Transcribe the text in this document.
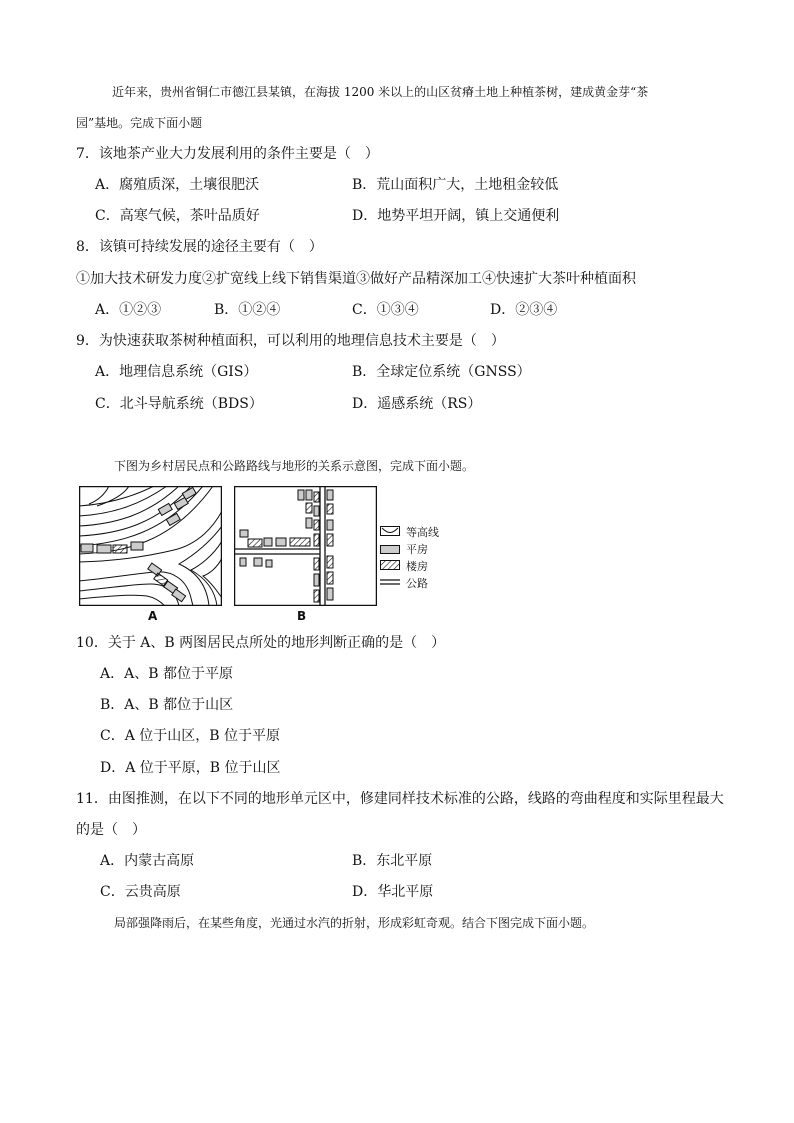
近年来，贵州省铜仁市德江县某镇，在海拔 1200 米以上的山区贫瘠土地上种植茶树，建成黄金芽“茶
园”基地。完成下面小题
7．该地茶产业大力发展利用的条件主要是（　）
A．腐殖质深，土壤很肥沃	B．荒山面积广大，土地租金较低
C．高寒气候，茶叶品质好	D．地势平坦开阔，镇上交通便利
8．该镇可持续发展的途径主要有（　）
①加大技术研发力度②扩宽线上线下销售渠道③做好产品精深加工④快速扩大茶叶种植面积
A．①②③	B．①②④	C．①③④	D．②③④
9．为快速获取茶树种植面积，可以利用的地理信息技术主要是（　）
A．地理信息系统（GIS）	B．全球定位系统（GNSS）
C．北斗导航系统（BDS）	D．遥感系统（RS）
下图为乡村居民点和公路路线与地形的关系示意图，完成下面小题。
A	B
等高线
平房
楼房
公路
10．关于 A、B 两图居民点所处的地形判断正确的是（　）
A．A、B 都位于平原
B．A、B 都位于山区
C．A 位于山区，B 位于平原
D．A 位于平原，B 位于山区
11．由图推测，在以下不同的地形单元区中，修建同样技术标准的公路，线路的弯曲程度和实际里程最大
的是（　）
A．内蒙古高原	B．东北平原
C．云贵高原	D．华北平原
局部强降雨后，在某些角度，光通过水汽的折射，形成彩虹奇观。结合下图完成下面小题。
